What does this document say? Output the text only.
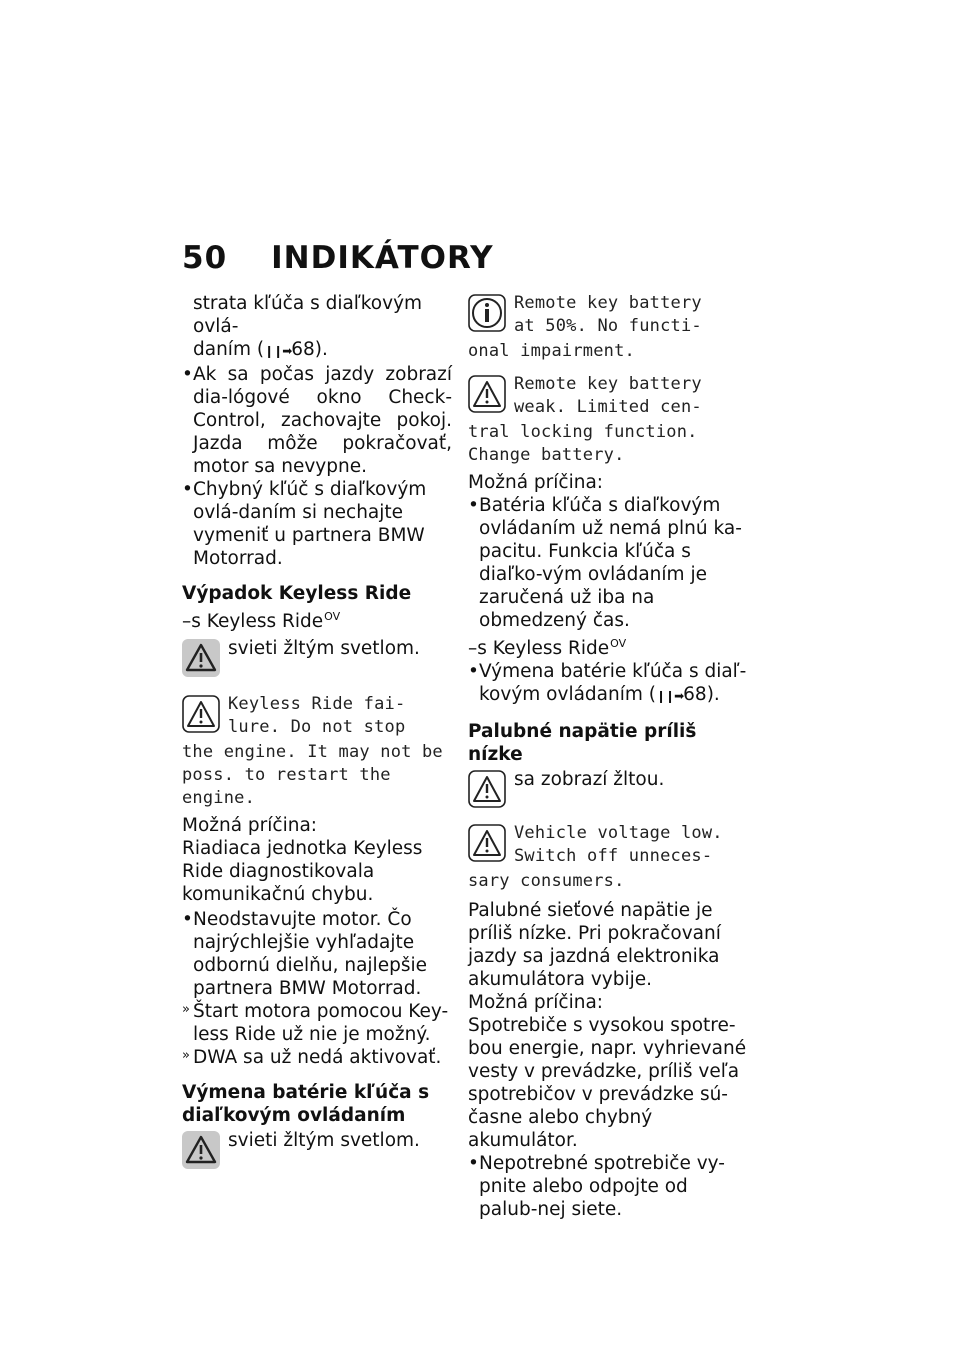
50 INDIKÁTORY

strata kľúča s diaľkovým ovlá-

daním (❙❙➡68).

• Ak sa počas jazdy zobrazí dia-lógové okno Check-Control, zachovajte pokoj. Jazda môže pokračovať, motor sa nevypne.

• Chybný kľúč s diaľkovým ovlá-daním si nechajte vymeniť u partnera BMW Motorrad.

Výpadok Keyless Ride

–s Keyless Ride$^{OV}$

svieti žltým svetlom.

Keyless Ride fai-
lure. Do not stop
the engine. It may not be poss. to restart the engine.

Možná príčina:

Riadiaca jednotka Keyless Ride diagnostikovala komunikačnú chybu.

• Neodstavujte motor. Čo najrýchlejšie vyhľadajte odbornú dielňu, najlepšie partnera BMW Motorrad.

» Štart motora pomocou Key-less Ride už nie je možný.

» DWA sa už nedá aktivovať.

Výmena batérie kľúča s diaľkovým ovládaním

svieti žltým svetlom.

Remote key battery
at 50%. No functi-
onal impairment.
Remote key battery
weak. Limited cen-
tral locking function. Change battery.

Možná príčina:

• Batéria kľúča s diaľkovým ovládaním už nemá plnú ka-pacitu. Funkcia kľúča s diaľko-vým ovládaním je zaručená už iba na obmedzený čas.

–s Keyless Ride$^{OV}$

• Výmena batérie kľúča s diaľ-kovým ovládaním (❙❙➡68).

Palubné napätie príliš nízke

sa zobrazí žltou.

Vehicle voltage low.
Switch off unneces-
sary consumers.

Palubné sieťové napätie je príliš nízke. Pri pokračovaní jazdy sa jazdná elektronika akumulátora vybije.

Možná príčina:

Spotrebiče s vysokou spotre-bou energie, napr. vyhrievané vesty v prevádzke, príliš veľa spotrebičov v prevádzke sú-časne alebo chybný akumulátor.

• Nepotrebné spotrebiče vy-pnite alebo odpojte od palub-nej siete.
